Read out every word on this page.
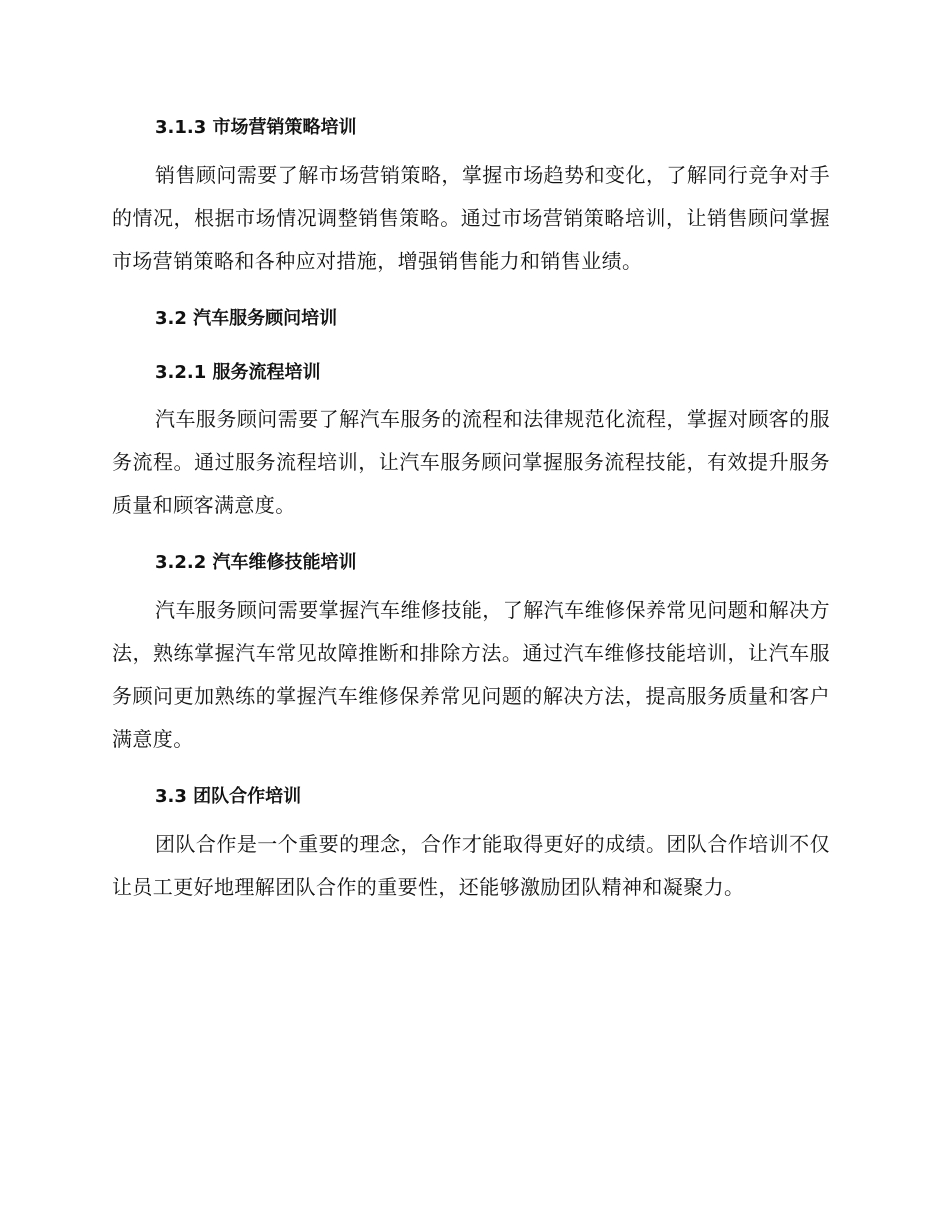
3.1.3 市场营销策略培训

销售顾问需要了解市场营销策略，掌握市场趋势和变化，了解同行竞争对手的情况，根据市场情况调整销售策略。通过市场营销策略培训，让销售顾问掌握市场营销策略和各种应对措施，增强销售能力和销售业绩。

3.2 汽车服务顾问培训
3.2.1 服务流程培训

汽车服务顾问需要了解汽车服务的流程和法律规范化流程，掌握对顾客的服务流程。通过服务流程培训，让汽车服务顾问掌握服务流程技能，有效提升服务质量和顾客满意度。

3.2.2 汽车维修技能培训

汽车服务顾问需要掌握汽车维修技能，了解汽车维修保养常见问题和解决方法，熟练掌握汽车常见故障推断和排除方法。通过汽车维修技能培训，让汽车服务顾问更加熟练的掌握汽车维修保养常见问题的解决方法，提高服务质量和客户满意度。

3.3 团队合作培训

团队合作是一个重要的理念，合作才能取得更好的成绩。团队合作培训不仅让员工更好地理解团队合作的重要性，还能够激励团队精神和凝聚力。
